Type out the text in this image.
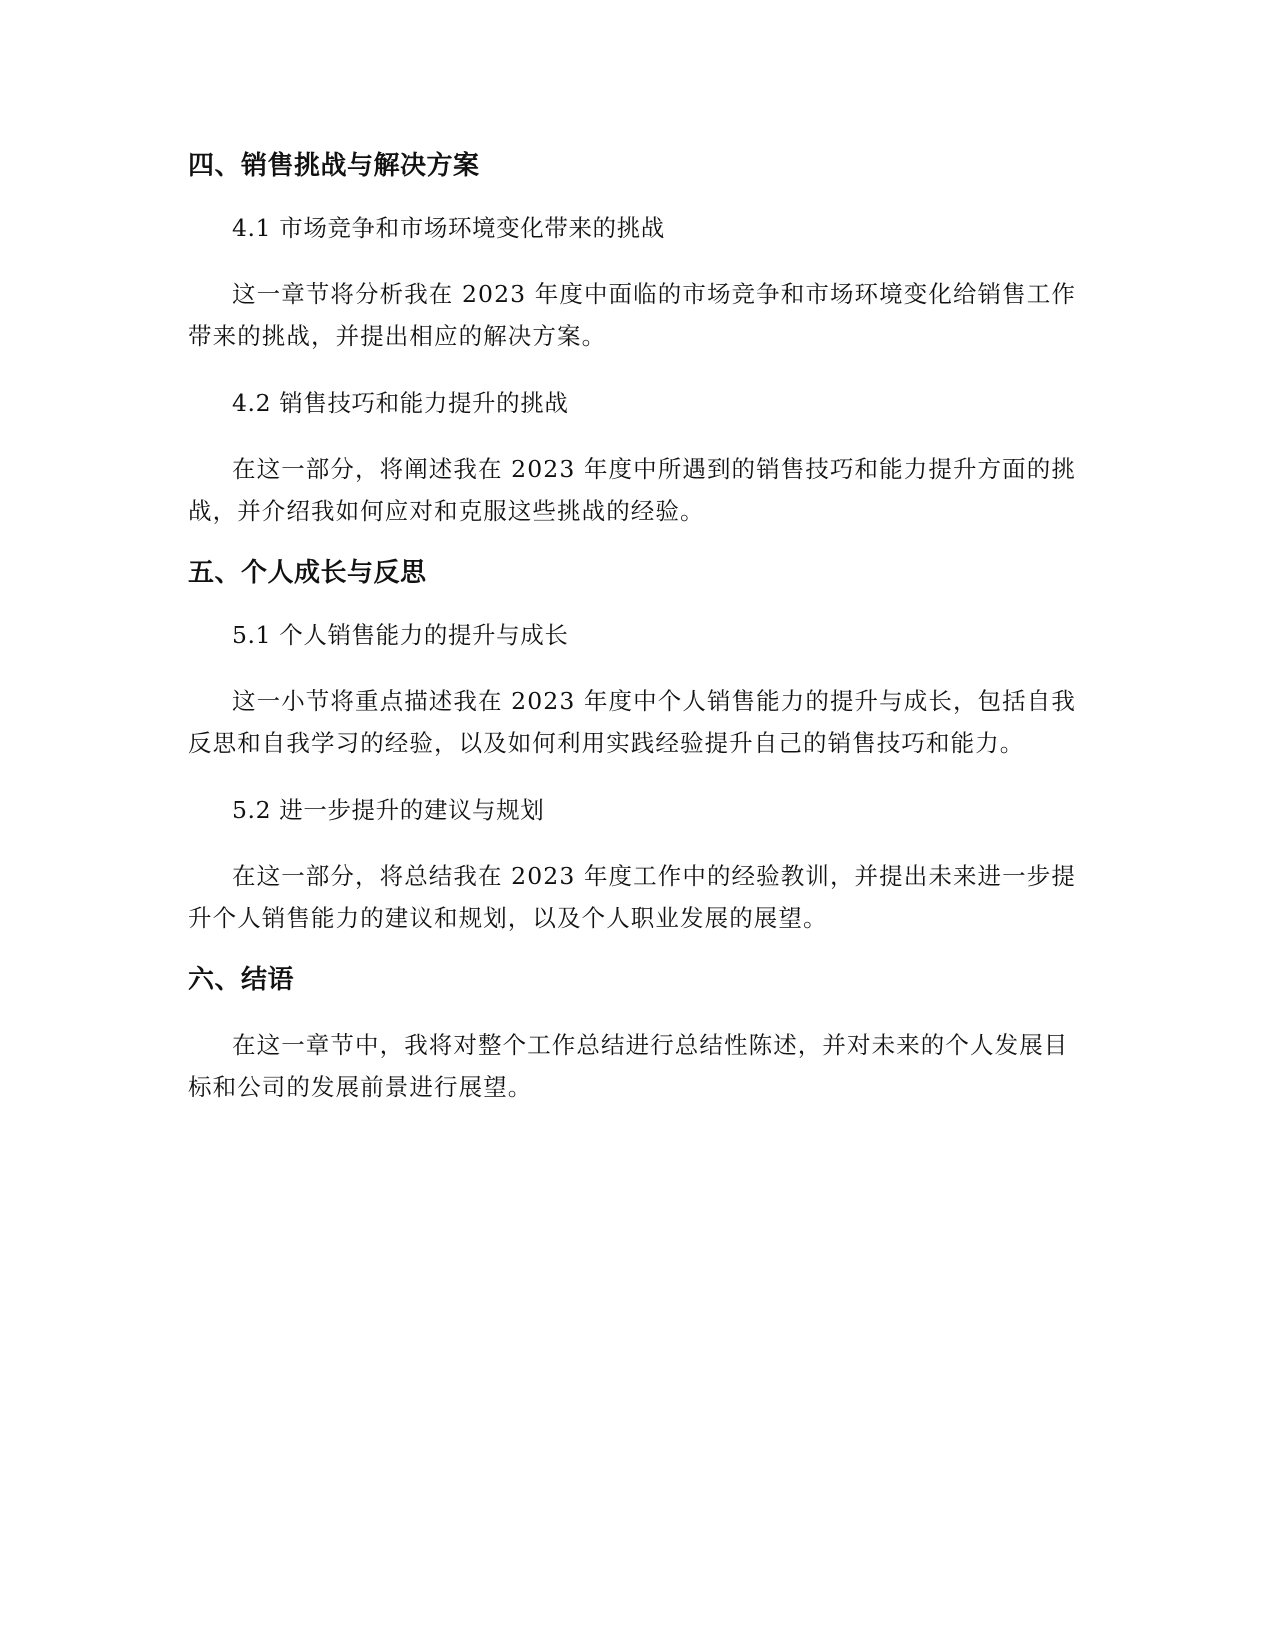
四、销售挑战与解决方案

4.1 市场竞争和市场环境变化带来的挑战

这一章节将分析我在 2023 年度中面临的市场竞争和市场环境变化给销售工作带来的挑战，并提出相应的解决方案。

4.2 销售技巧和能力提升的挑战

在这一部分，将阐述我在 2023 年度中所遇到的销售技巧和能力提升方面的挑战，并介绍我如何应对和克服这些挑战的经验。

五、个人成长与反思

5.1 个人销售能力的提升与成长

这一小节将重点描述我在 2023 年度中个人销售能力的提升与成长，包括自我反思和自我学习的经验，以及如何利用实践经验提升自己的销售技巧和能力。

5.2 进一步提升的建议与规划

在这一部分，将总结我在 2023 年度工作中的经验教训，并提出未来进一步提升个人销售能力的建议和规划，以及个人职业发展的展望。

六、结语

在这一章节中，我将对整个工作总结进行总结性陈述，并对未来的个人发展目标和公司的发展前景进行展望。
